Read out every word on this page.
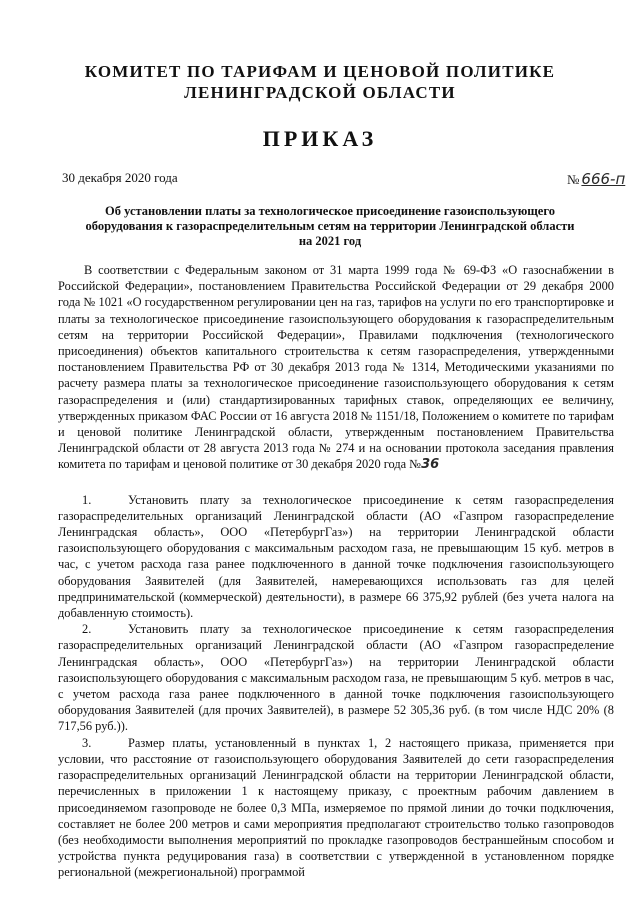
КОМИТЕТ ПО ТАРИФАМ И ЦЕНОВОЙ ПОЛИТИКЕ
ЛЕНИНГРАДСКОЙ ОБЛАСТИ
ПРИКАЗ
30 декабря 2020 года	№ 666-п
Об установлении платы за технологическое присоединение газоиспользующего оборудования к газораспределительным сетям на территории Ленинградской области на 2021 год

В соответствии с Федеральным законом от 31 марта 1999 года № 69-ФЗ «О газоснабжении в Российской Федерации», постановлением Правительства Российской Федерации от 29 декабря 2000 года № 1021 «О государственном регулировании цен на газ, тарифов на услуги по его транспортировке и платы за технологическое присоединение газоиспользующего оборудования к газораспределительным сетям на территории Российской Федерации», Правилами подключения (технологического присоединения) объектов капитального строительства к сетям газораспределения, утвержденными постановлением Правительства РФ от 30 декабря 2013 года № 1314, Методическими указаниями по расчету размера платы за технологическое присоединение газоиспользующего оборудования к сетям газораспределения и (или) стандартизированных тарифных ставок, определяющих ее величину, утвержденных приказом ФАС России от 16 августа 2018 № 1151/18, Положением о комитете по тарифам и ценовой политике Ленинградской области, утвержденным постановлением Правительства Ленинградской области от 28 августа 2013 года № 274 и на основании протокола заседания правления комитета по тарифам и ценовой политике от 30 декабря 2020 года №36

1.	Установить плату за технологическое присоединение к сетям газораспределения газораспределительных организаций Ленинградской области (АО «Газпром газораспределение Ленинградская область», ООО «ПетербургГаз») на территории Ленинградской области газоиспользующего оборудования с максимальным расходом газа, не превышающим 15 куб. метров в час, с учетом расхода газа ранее подключенного в данной точке подключения газоиспользующего оборудования Заявителей (для Заявителей, намеревающихся использовать газ для целей предпринимательской (коммерческой) деятельности), в размере 66 375,92 рублей (без учета налога на добавленную стоимость).

2.	Установить плату за технологическое присоединение к сетям газораспределения газораспределительных организаций Ленинградской области (АО «Газпром газораспределение Ленинградская область», ООО «ПетербургГаз») на территории Ленинградской области газоиспользующего оборудования с максимальным расходом газа, не превышающим 5 куб. метров в час, с учетом расхода газа ранее подключенного в данной точке подключения газоиспользующего оборудования Заявителей (для прочих Заявителей), в размере 52 305,36 руб. (в том числе НДС 20% (8 717,56 руб.)).

3.	Размер платы, установленный в пунктах 1, 2 настоящего приказа, применяется при условии, что расстояние от газоиспользующего оборудования Заявителей до сети газораспределения газораспределительных организаций Ленинградской области на территории Ленинградской области, перечисленных в приложении 1 к настоящему приказу, с проектным рабочим давлением в присоединяемом газопроводе не более 0,3 МПа, измеряемое по прямой линии до точки подключения, составляет не более 200 метров и сами мероприятия предполагают строительство только газопроводов (без необходимости выполнения мероприятий по прокладке газопроводов бестраншейным способом и устройства пункта редуцирования газа) в соответствии с утвержденной в установленном порядке региональной (межрегиональной) программой
